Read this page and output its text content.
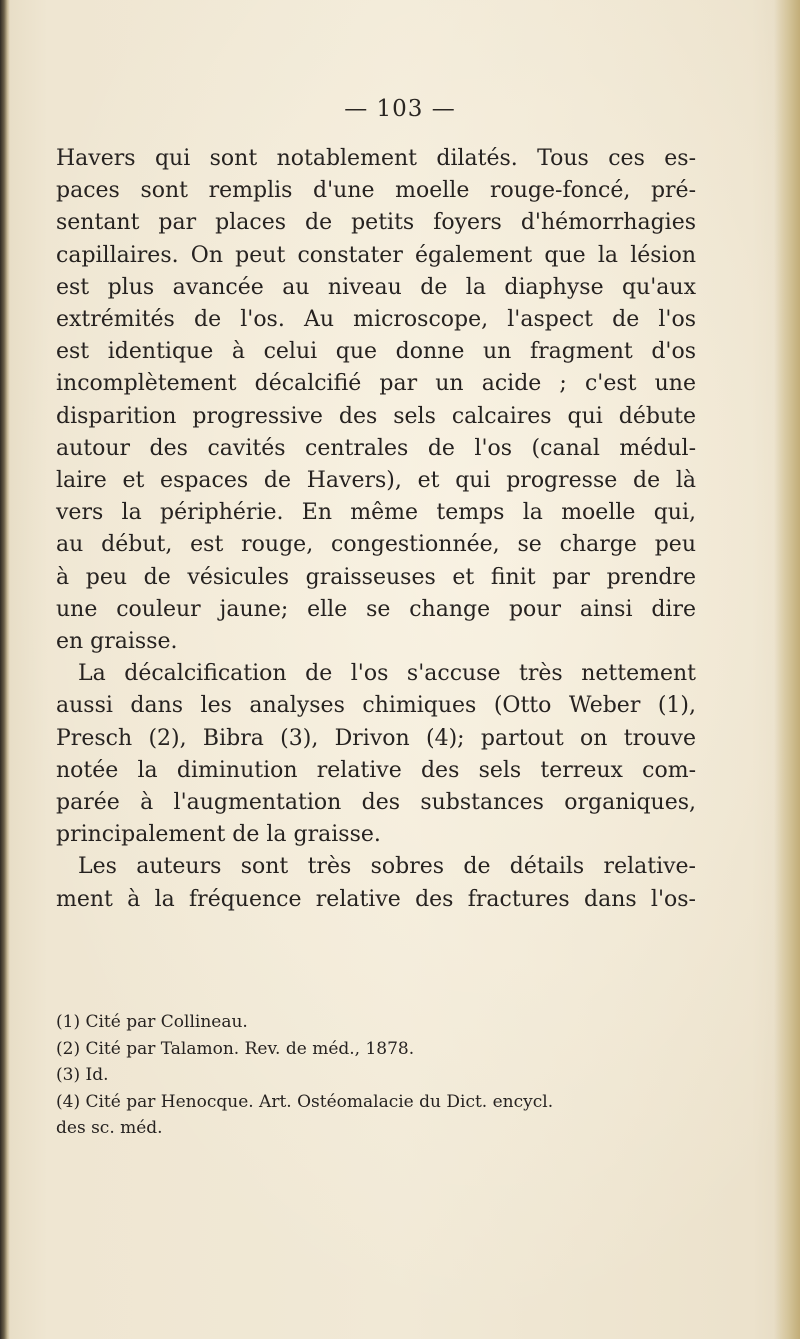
— 103 —
Havers qui sont notablement dilatés. Tous ces es-
paces sont remplis d'une moelle rouge-foncé, pré-
sentant par places de petits foyers d'hémorrhagies
capillaires. On peut constater également que la lésion
est plus avancée au niveau de la diaphyse qu'aux
extrémités de l'os. Au microscope, l'aspect de l'os
est identique à celui que donne un fragment d'os
incomplètement décalcifié par un acide ; c'est une
disparition progressive des sels calcaires qui débute
autour des cavités centrales de l'os (canal médul-
laire et espaces de Havers), et qui progresse de là
vers la périphérie. En même temps la moelle qui,
au début, est rouge, congestionnée, se charge peu
à peu de vésicules graisseuses et finit par prendre
une couleur jaune; elle se change pour ainsi dire
en graisse.
La décalcification de l'os s'accuse très nettement
aussi dans les analyses chimiques (Otto Weber (1),
Presch (2), Bibra (3), Drivon (4); partout on trouve
notée la diminution relative des sels terreux com-
parée à l'augmentation des substances organiques,
principalement de la graisse.
Les auteurs sont très sobres de détails relative-
ment à la fréquence relative des fractures dans l'os-
(1) Cité par Collineau.
(2) Cité par Talamon. Rev. de méd., 1878.
(3) Id.
(4) Cité par Henocque. Art. Ostéomalacie du Dict. encycl.
des sc. méd.
